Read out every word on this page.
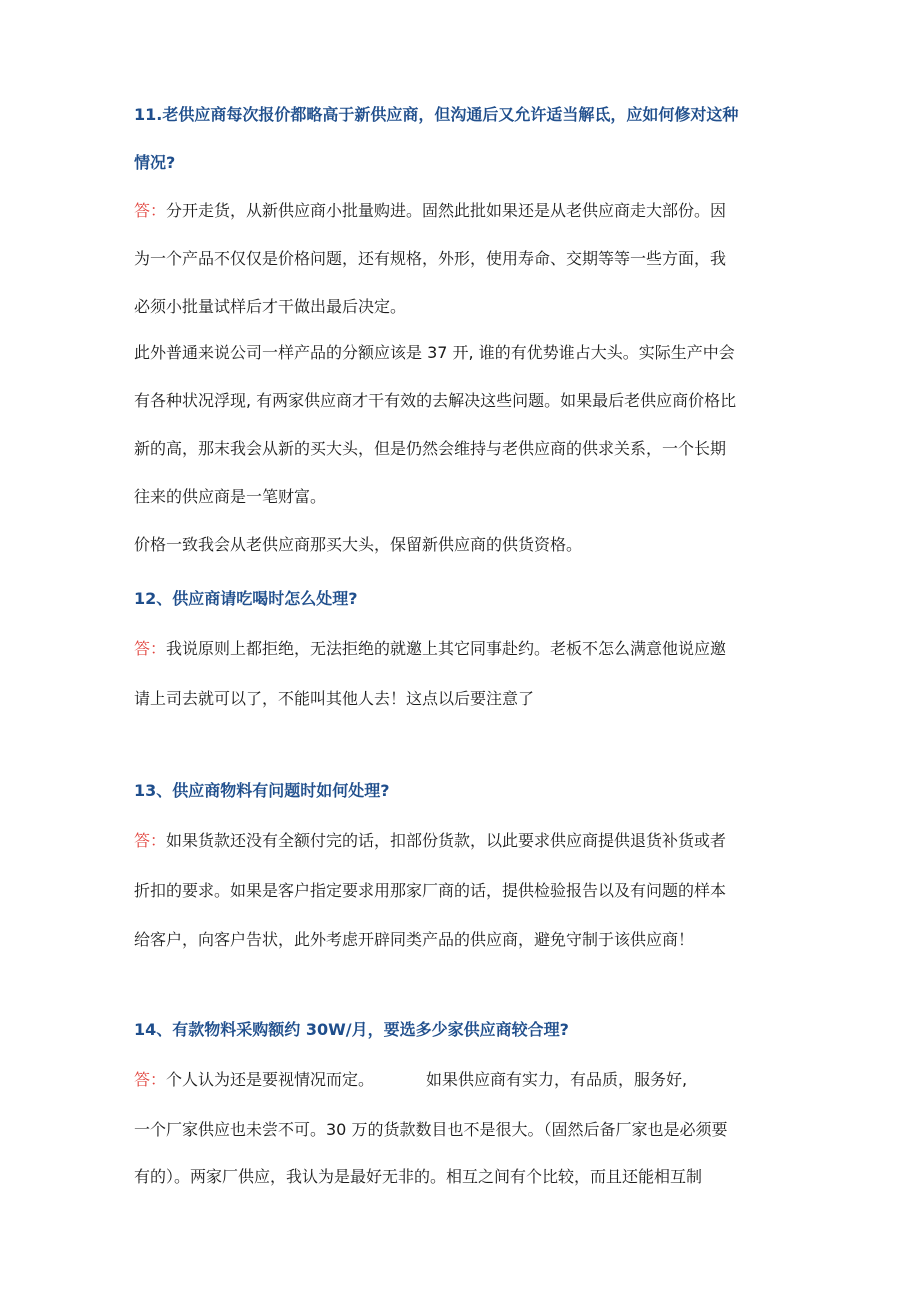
11.老供应商每次报价都略高于新供应商，但沟通后又允许适当解氐，应如何修对这种
情况?
答：分开走货，从新供应商小批量购进。固然此批如果还是从老供应商走大部份。因
为一个产品不仅仅是价格问题，还有规格，外形，使用寿命、交期等等一些方面，我
必须小批量试样后才干做出最后决定。
此外普通来说公司一样产品的分额应该是 37 开, 谁的有优势谁占大头。实际生产中会
有各种状况浮现, 有两家供应商才干有效的去解决这些问题。如果最后老供应商价格比
新的高，那末我会从新的买大头，但是仍然会维持与老供应商的供求关系，一个长期
往来的供应商是一笔财富。
价格一致我会从老供应商那买大头，保留新供应商的供货资格。
12、供应商请吃喝时怎么处理?
答：我说原则上都拒绝，无法拒绝的就邀上其它同事赴约。老板不怎么满意他说应邀
请上司去就可以了，不能叫其他人去！这点以后要注意了
13、供应商物料有问题时如何处理?
答：如果货款还没有全额付完的话，扣部份货款，以此要求供应商提供退货补货或者
折扣的要求。如果是客户指定要求用那家厂商的话，提供检验报告以及有问题的样本
给客户，向客户告状，此外考虑开辟同类产品的供应商，避免守制于该供应商！
14、有款物料采购额约 30W/月，要选多少家供应商较合理?
答：个人认为还是要视情况而定。	如果供应商有实力，有品质，服务好,
一个厂家供应也未尝不可。30 万的货款数目也不是很大。（固然后备厂家也是必须要
有的）。两家厂供应，我认为是最好无非的。相互之间有个比较，而且还能相互制
